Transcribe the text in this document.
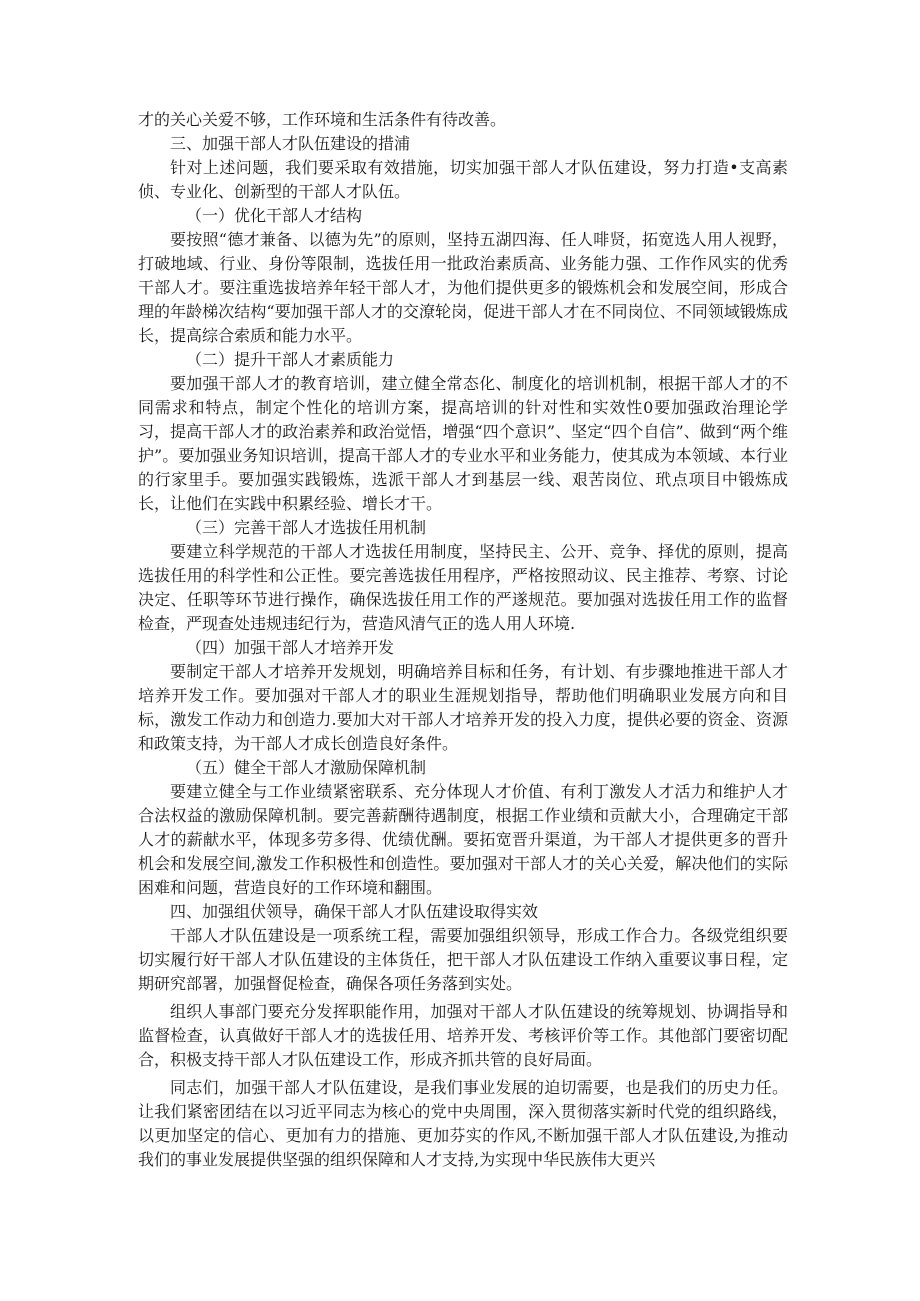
才的关心关爱不够，工作环境和生活条件有待改善。

三、加强干部人才队伍建设的措浦

针对上述问题，我们要采取有效措施，切实加强干部人才队伍建设，努力打造•支高素侦、专业化、创新型的干部人才队伍。

（一）优化干部人才结构

要按照“德才兼备、以德为先”的原则，坚持五湖四海、任人啡贤，拓宽选人用人视野，打破地域、行业、身份等限制，选拔任用一批政治素质高、业务能力强、工作作风实的优秀干部人才。要注重选拔培养年轻干部人才，为他们提供更多的锻炼机会和发展空间，形成合理的年龄梯次结构“要加强干部人才的交潦轮岗，促进干部人才在不同岗位、不同领域锻炼成长，提高综合索质和能力水平。

（二）提升干部人才素质能力

要加强干部人才的教育培训，建立健全常态化、制度化的培训机制，根据干部人才的不同需求和特点，制定个性化的培训方案，提高培训的针对性和实效性0要加强政治理论学习，提高干部人才的政治素养和政治觉悟，增强“四个意识”、坚定“四个自信”、做到“两个维护”。要加强业务知识培训，提高干部人才的专业水平和业务能力，使其成为本领域、本行业的行家里手。要加强实践锻炼，选派干部人才到基层一线、艰苦岗位、玳点项目中锻炼成长，让他们在实践中积累经验、增长才干。

（三）完善干部人才选拔任用机制

要建立科学规范的干部人才选拔任用制度，坚持民主、公开、竞争、择优的原则，提高选拔任用的科学性和公正性。要完善选拔任用程序，严格按照动议、民主推荐、考察、讨论决定、任职等环节进行操作，确保选拔任用工作的严遂规范。要加强对选拔任用工作的监督检查，严现查处违规违纪行为，营造风清气正的选人用人环境.

（四）加强干部人才培养开发

要制定干部人才培养开发规划，明确培养目标和任务，有计划、有步骤地推进干部人才培养开发工作。要加强对干部人才的职业生涯规划指导，帮助他们明确职业发展方向和目标，激发工作动力和创造力.要加大对干部人才培养开发的投入力度，提供必要的资金、资源和政策支持，为干部人才成长创造良好条件。

（五）健全干部人才激励保障机制

要建立健全与工作业绩紧密联系、充分体现人才价值、有利丁激发人才活力和维护人才合法权益的激励保障机制。要完善薪酬待遇制度，根据工作业绩和贡献大小，合理确定干部人才的薪献水平，体现多劳多得、优绩优酬。要拓宽晋升渠道，为干部人才提供更多的晋升机会和发展空间,激发工作积极性和创造性。要加强对干部人才的关心关爱，解决他们的实际困难和问题，营造良好的工作环境和翻围。

四、加强组伏领导，确保干部人才队伍建设取得实效

干部人才队伍建设是一项系统工程，需要加强组织领导，形成工作合力。各级党组织要切实履行好干部人才队伍建设的主体货任，把干部人才队伍建设工作纳入重要议事日程，定期研究部署，加强督促检查，确保各项任务落到实处。

组织人事部门要充分发挥职能作用，加强对干部人才队伍建设的统筹规划、协调指导和监督检查，认真做好干部人才的选拔任用、培养开发、考核评价等工作。其他部门要密切配合，积极支持干部人才队伍建设工作，形成齐抓共管的良好局面。

同志们，加强干部人才队伍建设，是我们事业发展的迫切需要，也是我们的历史力任。让我们紧密团结在以习近平同志为核心的党中央周围，深入贯彻落实新时代党的组织路线，以更加坚定的信心、更加有力的措施、更加芬实的作风,不断加强干部人才队伍建设,为推动我们的事业发展提供坚强的组织保障和人才支持,为实现中华民族伟大更兴
